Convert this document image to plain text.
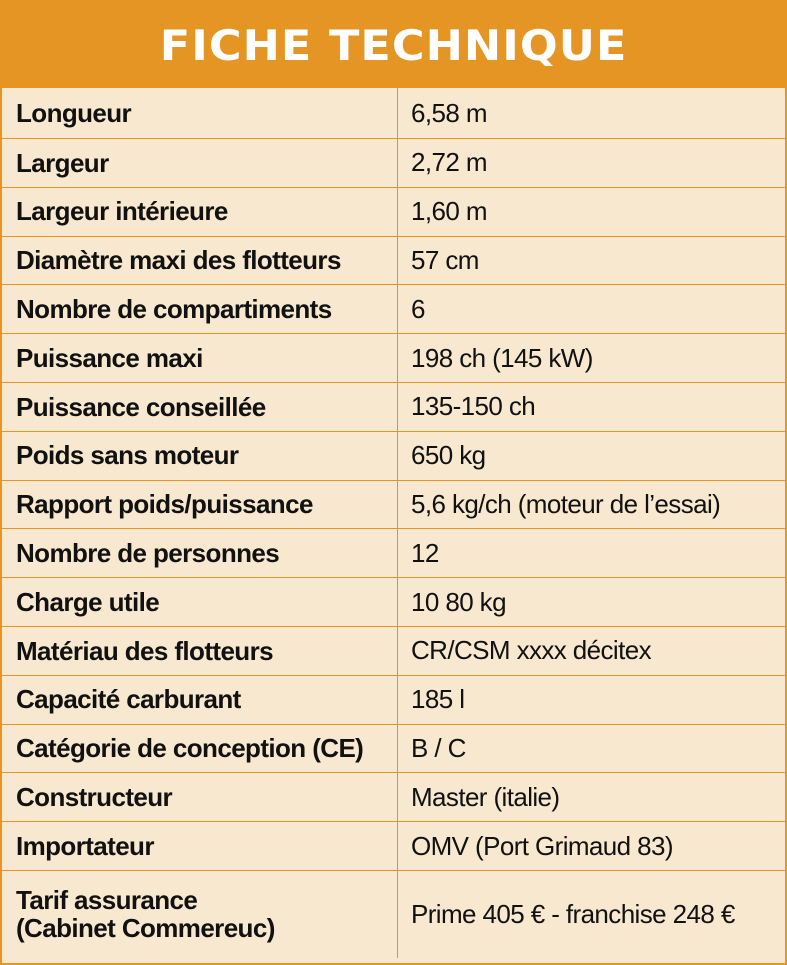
FICHE TECHNIQUE
Longueur	6,58 m
Largeur	2,72 m
Largeur intérieure	1,60 m
Diamètre maxi des flotteurs	57 cm
Nombre de compartiments	6
Puissance maxi	198 ch (145 kW)
Puissance conseillée	135-150 ch
Poids sans moteur	650 kg
Rapport poids/puissance	5,6 kg/ch (moteur de l’essai)
Nombre de personnes	12
Charge utile	10 80 kg
Matériau des flotteurs	CR/CSM xxxx décitex
Capacité carburant	185 l
Catégorie de conception (CE)	B / C
Constructeur	Master (italie)
Importateur	OMV (Port Grimaud 83)
Tarif assurance
(Cabinet Commereuc)	Prime 405 € - franchise 248 €
